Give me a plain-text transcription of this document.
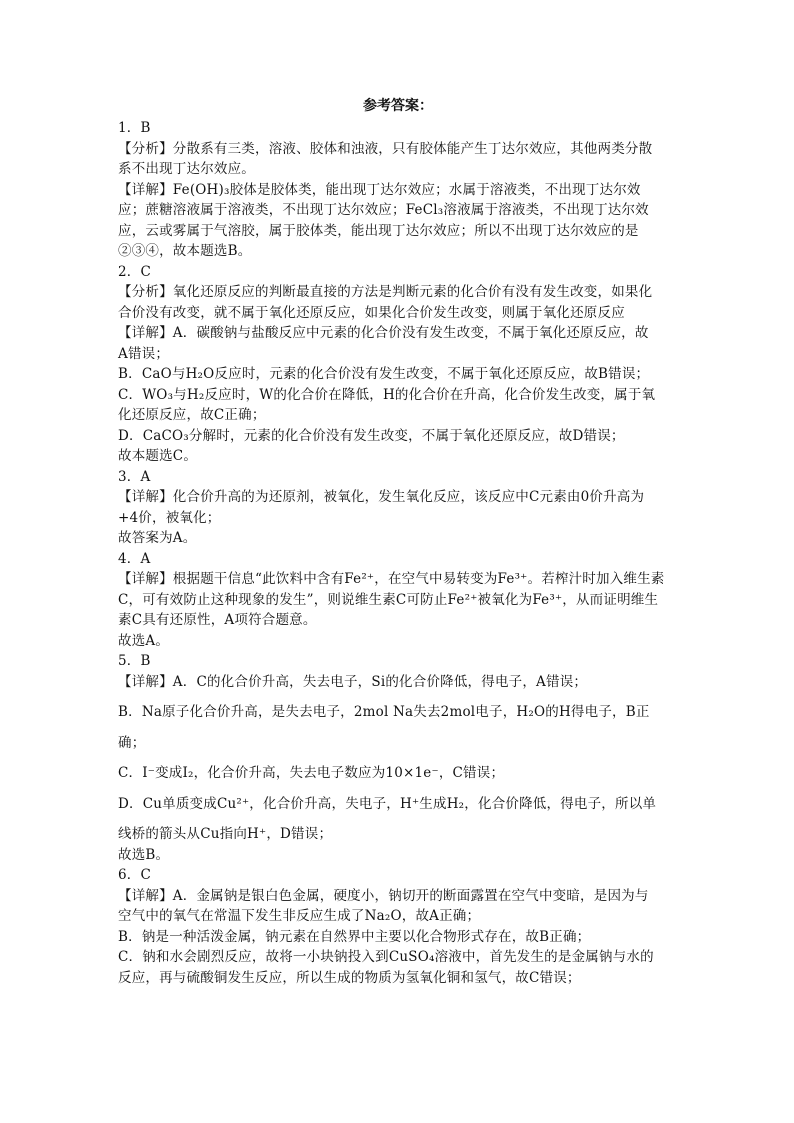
参考答案：
1．B
【分析】分散系有三类，溶液、胶体和浊液，只有胶体能产生丁达尔效应，其他两类分散
系不出现丁达尔效应。
【详解】Fe(OH)₃胶体是胶体类，能出现丁达尔效应；水属于溶液类，不出现丁达尔效
应；蔗糖溶液属于溶液类，不出现丁达尔效应；FeCl₃溶液属于溶液类，不出现丁达尔效
应，云或雾属于气溶胶，属于胶体类，能出现丁达尔效应；所以不出现丁达尔效应的是
②③④，故本题选B。
2．C
【分析】氧化还原反应的判断最直接的方法是判断元素的化合价有没有发生改变，如果化
合价没有改变，就不属于氧化还原反应，如果化合价发生改变，则属于氧化还原反应
【详解】A．碳酸钠与盐酸反应中元素的化合价没有发生改变，不属于氧化还原反应，故
A错误；
B．CaO与H₂O反应时，元素的化合价没有发生改变，不属于氧化还原反应，故B错误；
C．WO₃与H₂反应时，W的化合价在降低，H的化合价在升高，化合价发生改变，属于氧
化还原反应，故C正确；
D．CaCO₃分解时，元素的化合价没有发生改变，不属于氧化还原反应，故D错误；
故本题选C。
3．A
【详解】化合价升高的为还原剂，被氧化，发生氧化反应，该反应中C元素由0价升高为
+4价，被氧化；
故答案为A。
4．A
【详解】根据题干信息“此饮料中含有Fe²⁺，在空气中易转变为Fe³⁺。若榨汁时加入维生素
C，可有效防止这种现象的发生”，则说维生素C可防止Fe²⁺被氧化为Fe³⁺，从而证明维生
素C具有还原性，A项符合题意。
故选A。
5．B
【详解】A．C的化合价升高，失去电子，Si的化合价降低，得电子，A错误；
B．Na原子化合价升高，是失去电子，2mol Na失去2mol电子，H₂O的H得电子，B正
确；
C．I⁻变成I₂，化合价升高，失去电子数应为10×1e⁻，C错误；
D．Cu单质变成Cu²⁺，化合价升高，失电子，H⁺生成H₂，化合价降低，得电子，所以单
线桥的箭头从Cu指向H⁺，D错误；
故选B。
6．C
【详解】A．金属钠是银白色金属，硬度小，钠切开的断面露置在空气中变暗，是因为与
空气中的氧气在常温下发生非反应生成了Na₂O，故A正确；
B．钠是一种活泼金属，钠元素在自然界中主要以化合物形式存在，故B正确；
C．钠和水会剧烈反应，故将一小块钠投入到CuSO₄溶液中，首先发生的是金属钠与水的
反应，再与硫酸铜发生反应，所以生成的物质为氢氧化铜和氢气，故C错误；
